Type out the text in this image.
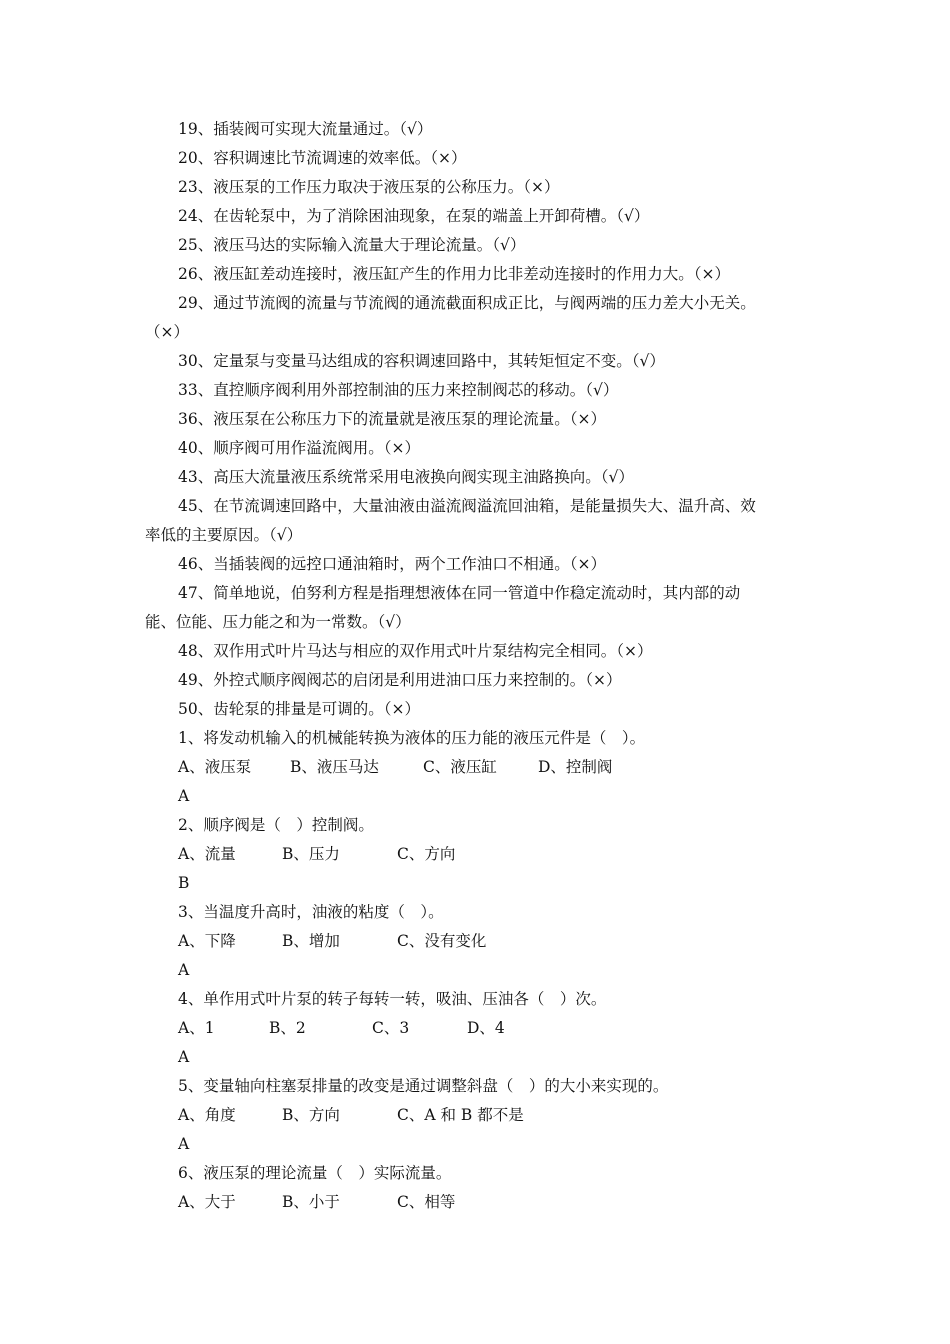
19、插装阀可实现大流量通过。（√）
20、容积调速比节流调速的效率低。（×）
23、液压泵的工作压力取决于液压泵的公称压力。（×）
24、在齿轮泵中，为了消除困油现象，在泵的端盖上开卸荷槽。（√）
25、液压马达的实际输入流量大于理论流量。（√）
26、液压缸差动连接时，液压缸产生的作用力比非差动连接时的作用力大。（×）
29、通过节流阀的流量与节流阀的通流截面积成正比，与阀两端的压力差大小无关。
（×）
30、定量泵与变量马达组成的容积调速回路中，其转矩恒定不变。（√）
33、直控顺序阀利用外部控制油的压力来控制阀芯的移动。（√）
36、液压泵在公称压力下的流量就是液压泵的理论流量。（×）
40、顺序阀可用作溢流阀用。（×）
43、高压大流量液压系统常采用电液换向阀实现主油路换向。（√）
45、在节流调速回路中，大量油液由溢流阀溢流回油箱，是能量损失大、温升高、效
率低的主要原因。（√）
46、当插装阀的远控口通油箱时，两个工作油口不相通。（×）
47、简单地说，伯努利方程是指理想液体在同一管道中作稳定流动时，其内部的动
能、位能、压力能之和为一常数。（√）
48、双作用式叶片马达与相应的双作用式叶片泵结构完全相同。（×）
49、外控式顺序阀阀芯的启闭是利用进油口压力来控制的。（×）
50、齿轮泵的排量是可调的。（×）
1、将发动机输入的机械能转换为液体的压力能的液压元件是（　）。
A、液压泵	B、液压马达	C、液压缸	D、控制阀
A
2、顺序阀是（　）控制阀。
A、流量	B、压力	C、方向
B
3、当温度升高时，油液的粘度（　）。
A、下降	B、增加	C、没有变化
A
4、单作用式叶片泵的转子每转一转，吸油、压油各（　）次。
A、1	B、2	C、3	D、4
A
5、变量轴向柱塞泵排量的改变是通过调整斜盘（　）的大小来实现的。
A、角度	B、方向	C、A 和 B 都不是
A
6、液压泵的理论流量（　）实际流量。
A、大于	B、小于	C、相等
